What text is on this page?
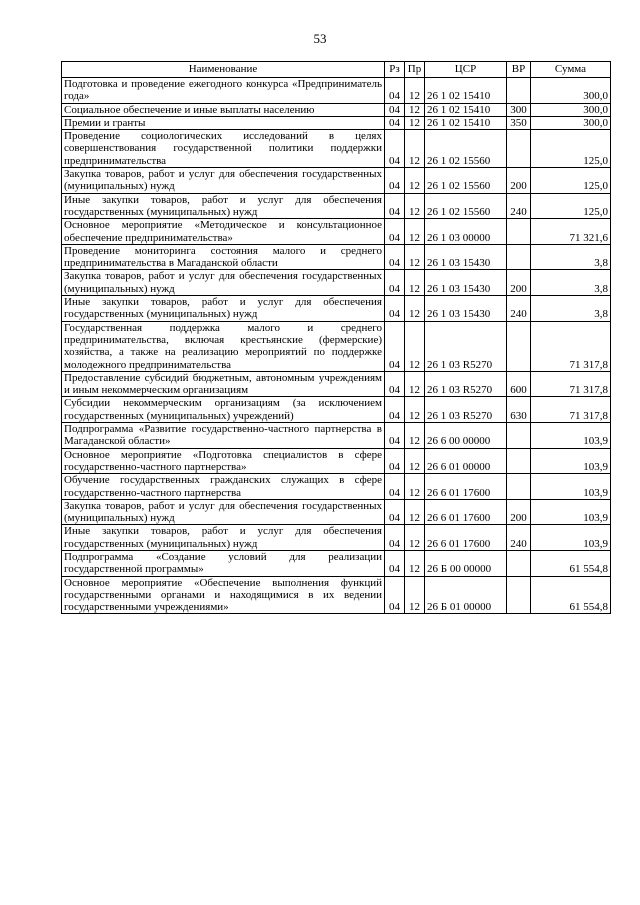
53
Наименование	Рз	Пр	ЦСР	ВР	Сумма
Подготовка и проведение ежегодного конкурса «Предприниматель года»	04	12	26 1 02 15410		300,0
Социальное обеспечение и иные выплаты населению	04	12	26 1 02 15410	300	300,0
Премии и гранты	04	12	26 1 02 15410	350	300,0
Проведение социологических исследований в целях совершенствования государственной политики поддержки предпринимательства	04	12	26 1 02 15560		125,0
Закупка товаров, работ и услуг для обеспечения государственных (муниципальных) нужд	04	12	26 1 02 15560	200	125,0
Иные закупки товаров, работ и услуг для обеспечения государственных (муниципальных) нужд	04	12	26 1 02 15560	240	125,0
Основное мероприятие «Методическое и консультационное обеспечение предпринимательства»	04	12	26 1 03 00000		71 321,6
Проведение мониторинга состояния малого и среднего предпринимательства в Магаданской области	04	12	26 1 03 15430		3,8
Закупка товаров, работ и услуг для обеспечения государственных (муниципальных) нужд	04	12	26 1 03 15430	200	3,8
Иные закупки товаров, работ и услуг для обеспечения государственных (муниципальных) нужд	04	12	26 1 03 15430	240	3,8
Государственная поддержка малого и среднего предпринимательства, включая крестьянские (фермерские) хозяйства, а также на реализацию мероприятий по поддержке молодежного предпринимательства	04	12	26 1 03 R5270		71 317,8
Предоставление субсидий бюджетным, автономным учреждениям и иным некоммерческим организациям	04	12	26 1 03 R5270	600	71 317,8
Субсидии некоммерческим организациям (за исключением государственных (муниципальных) учреждений)	04	12	26 1 03 R5270	630	71 317,8
Подпрограмма «Развитие государственно-частного партнерства в Магаданской области»	04	12	26 6 00 00000		103,9
Основное мероприятие «Подготовка специалистов в сфере государственно-частного партнерства»	04	12	26 6 01 00000		103,9
Обучение государственных гражданских служащих в сфере государственно-частного партнерства	04	12	26 6 01 17600		103,9
Закупка товаров, работ и услуг для обеспечения государственных (муниципальных) нужд	04	12	26 6 01 17600	200	103,9
Иные закупки товаров, работ и услуг для обеспечения государственных (муниципальных) нужд	04	12	26 6 01 17600	240	103,9
Подпрограмма «Создание условий для реализации государственной программы»	04	12	26 Б 00 00000		61 554,8
Основное мероприятие «Обеспечение выполнения функций государственными органами и находящимися в их ведении государственными учреждениями»	04	12	26 Б 01 00000		61 554,8
